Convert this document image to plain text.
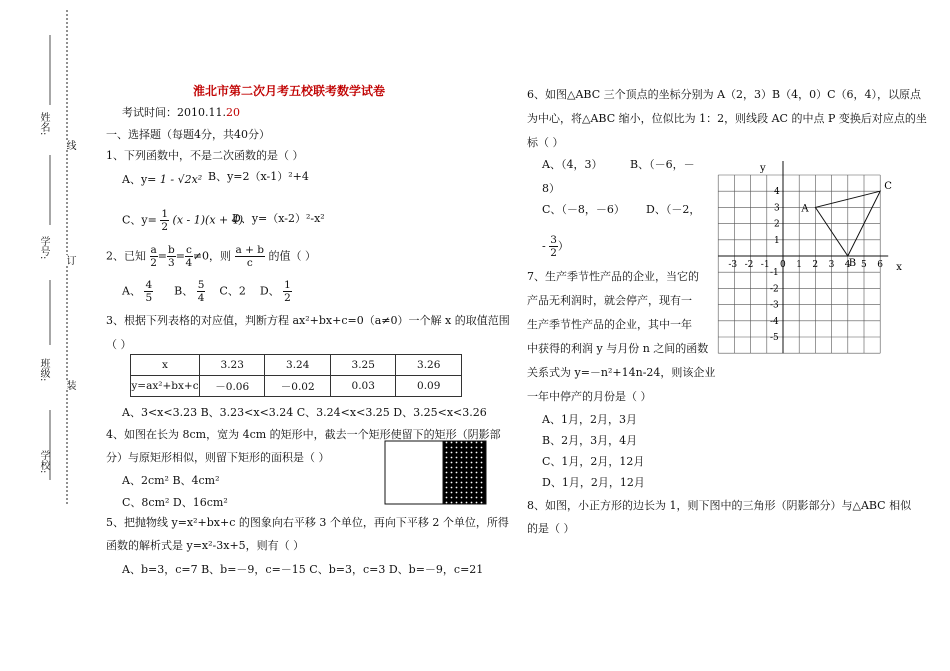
姓名:
学号:
班级:
学校:
线
订
装
淮北市第二次月考五校联考数学试卷
考试时间：2010.11.20
一、选择题（每题4分，共40分）
1、下列函数中，不是二次函数的是（ ）
A、y= 1 - √2x² B、y=2（x-1）²+4
C、$y= \frac{1}{2} (x - 1)(x + 4)$
D、y=（x-2）²-x²
2、已知 $\frac{a}{2} = \frac{b}{3} = \frac{c}{4} \ne 0$，则 $\frac{a + b}{c}$ 的值（ ）
A、 $\frac{4}{5}$ B、 $\frac{5}{4}$ C、2 D、 $\frac{1}{2}$
3、根据下列表格的对应值，判断方程 ax²+bx+c=0（a≠0）一个解 x 的取值范围
（ ）
x	3.23	3.24	3.25	3.26
y=ax²+bx+c	－0.06	－0.02	0.03	0.09
A、3<x<3.23 B、3.23<x<3.24 C、3.24<x<3.25 D、3.25<x<3.26
4、如图在长为 8cm，宽为 4cm 的矩形中，截去一个矩形使留下的矩形（阴影部
分）与原矩形相似，则留下矩形的面积是（ ）
A、2cm² B、4cm²
C、8cm² D、16cm²
5、把抛物线 y=x²+bx+c 的图象向右平移 3 个单位，再向下平移 2 个单位，所得
函数的解析式是 y=x²-3x+5，则有（ ）
A、b=3，c=7 B、b=－9，c=－15 C、b=3，c=3 D、b=－9，c=21
6、如图△ABC 三个顶点的坐标分别为 A（2，3）B（4，0）C（6，4），以原点
为中心，将△ABC 缩小，位似比为 1：2，则线段 AC 的中点 P 变换后对应点的坐
标（ ）
A、（4，3）	B、（－6，－
8）
C、（－8，－6） D、（－2，
- $\frac{3}{2}$ ）
7、生产季节性产品的企业，当它的
产品无利润时，就会停产，现有一
生产季节性产品的企业，其中一年
中获得的利润 y 与月份 n 之间的函数
关系式为 y=－n²+14n-24，则该企业
一年中停产的月份是（ ）
A、1月，2月，3月
B、2月，3月，4月
C、1月，2月，12月
D、1月，2月，12月
8、如图，小正方形的边长为 1，则下图中的三角形（阴影部分）与△ABC 相似
的是（ ）
-3 -2 -1 0 1 2 3 4 5 6
4
3
2
1
-1
-2
-3
-4
-5
y
x
A
B
C
